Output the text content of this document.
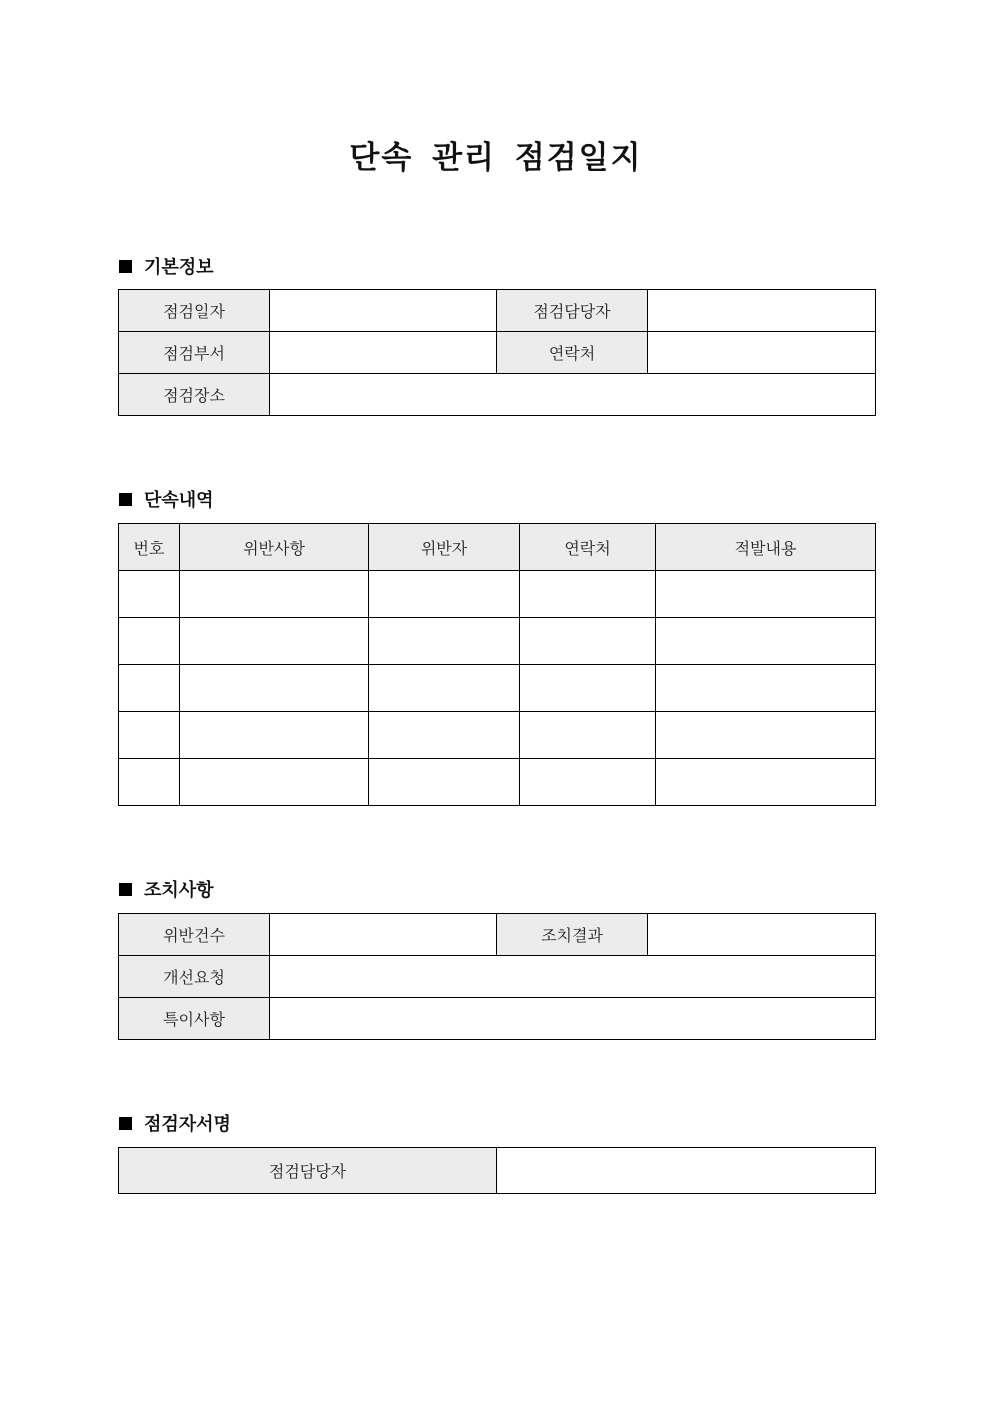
단속 관리 점검일지
기본정보
점검일자		점검담당자	
점검부서		연락처	
점검장소			
단속내역
번호	위반사항	위반자	연락처	적발내용

조치사항
위반건수		조치결과	
개선요청			
특이사항			
점검자서명
점검담당자	
